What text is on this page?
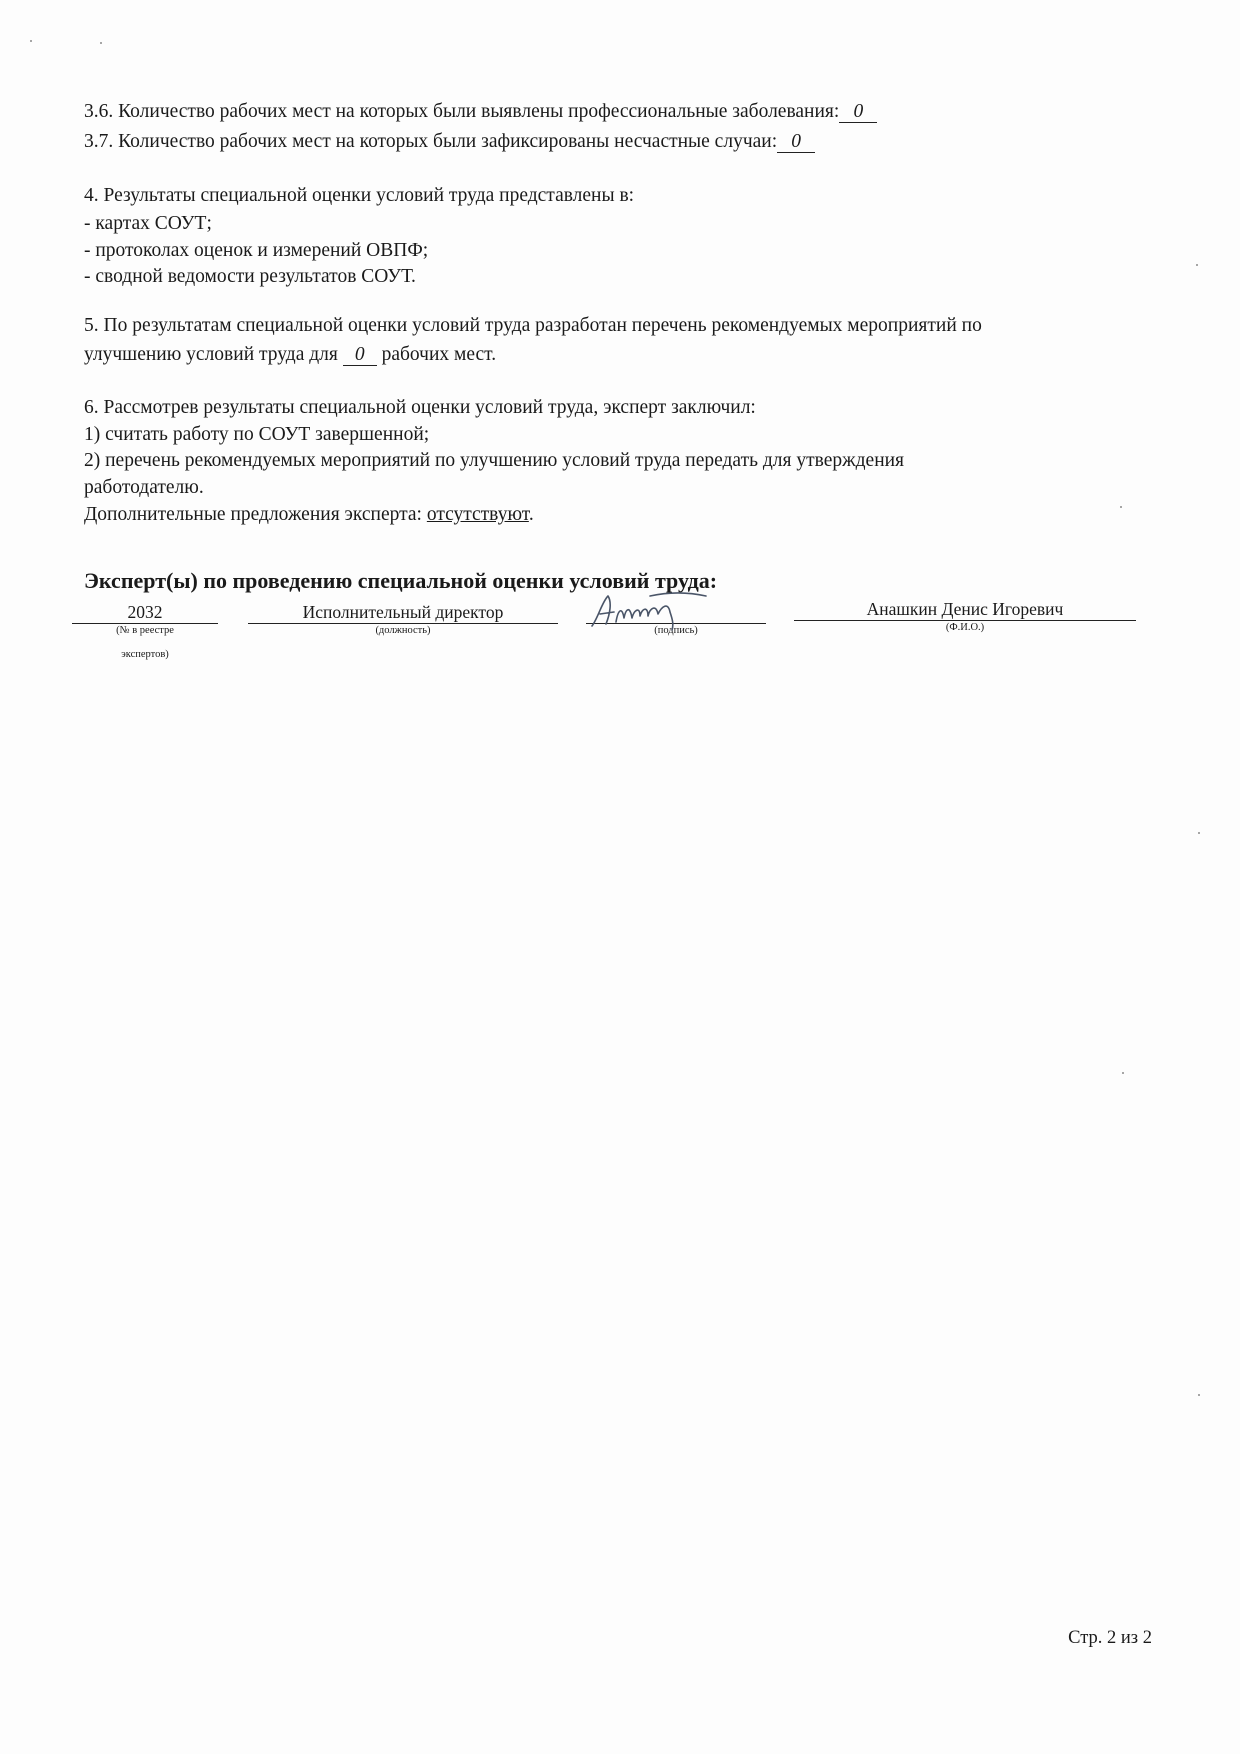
3.6. Количество рабочих мест на которых были выявлены профессиональные заболевания: 0
3.7. Количество рабочих мест на которых были зафиксированы несчастные случаи: 0
4. Результаты специальной оценки условий труда представлены в:
- картах СОУТ;
- протоколах оценок и измерений ОВПФ;
- сводной ведомости результатов СОУТ.
5. По результатам специальной оценки условий труда разработан перечень рекомендуемых мероприятий по
улучшению условий труда для 0 рабочих мест.
6. Рассмотрев результаты специальной оценки условий труда, эксперт заключил:
1) считать работу по СОУТ завершенной;
2) перечень рекомендуемых мероприятий по улучшению условий труда передать для утверждения
работодателю.
Дополнительные предложения эксперта: отсутствуют.
Эксперт(ы) по проведению специальной оценки условий труда:
2032
(№ в реестре
экспертов)
Исполнительный директор
(должность)	(подпись)
Анашкин Денис Игоревич
(Ф.И.О.)
Стр. 2 из 2
